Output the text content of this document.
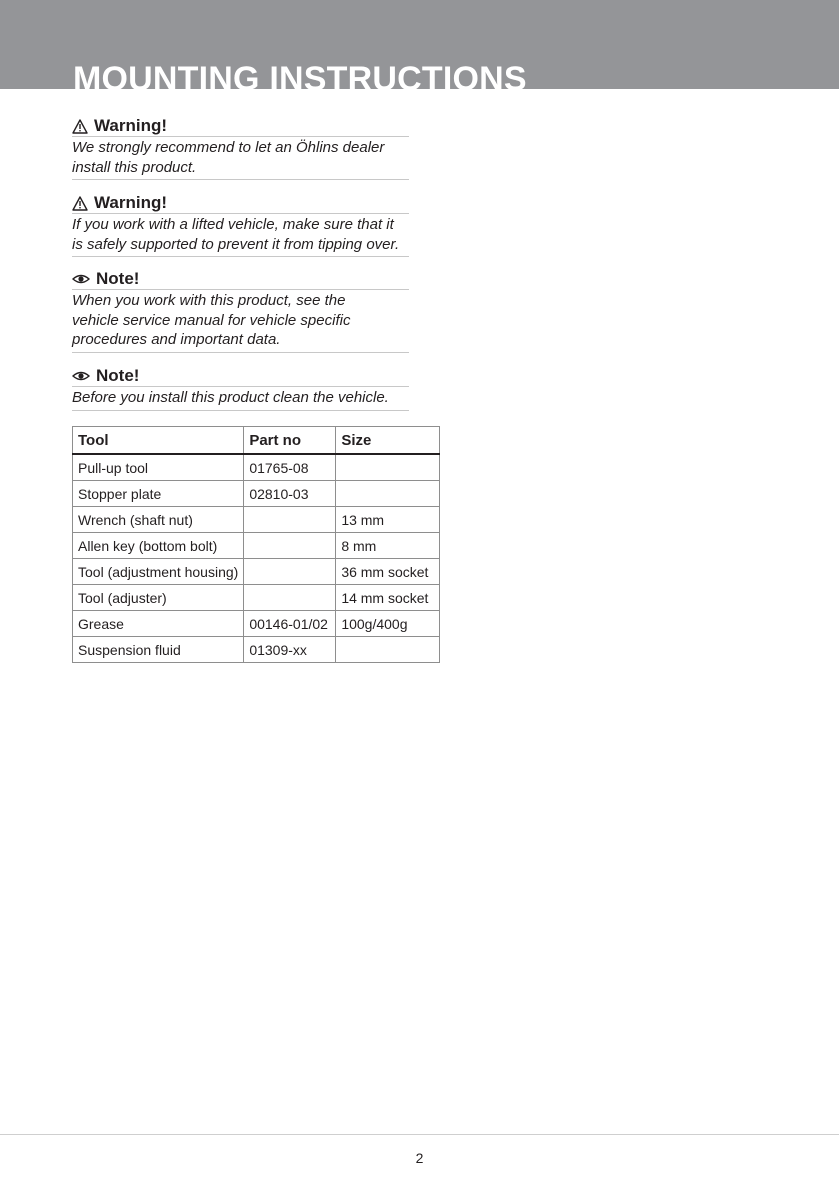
MOUNTING INSTRUCTIONS
Warning!
We strongly recommend to let an Öhlins dealer
install this product.
Warning!
If you work with a lifted vehicle, make sure that it
is safely supported to prevent it from tipping over.
Note!
When you work with this product, see the
vehicle service manual for vehicle specific
procedures and important data.
Note!
Before you install this product clean the vehicle.
Tool	Part no	Size
Pull-up tool	01765-08	
Stopper plate	02810-03	
Wrench (shaft nut)		13 mm
Allen key (bottom bolt)		8 mm
Tool (adjustment housing)		36 mm socket
Tool (adjuster)		14 mm socket
Grease	00146-01/02	100g/400g
Suspension fluid	01309-xx	
2
